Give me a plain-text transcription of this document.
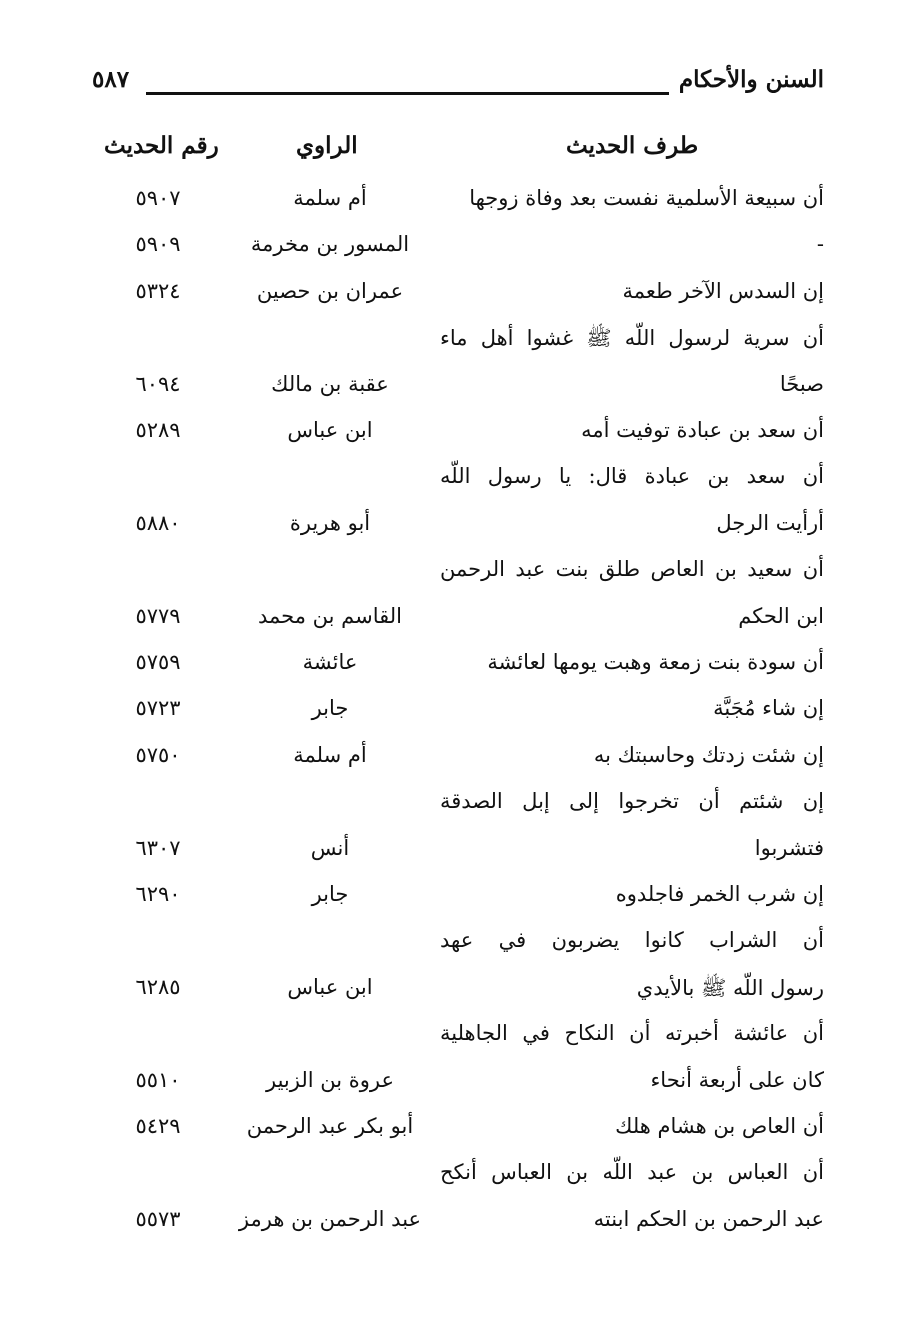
السنن والأحكام
٥٨٧
طرف الحديث
الراوي
رقم الحديث
أن سبيعة الأسلمية نفست بعد وفاة زوجها
أم سلمة
٥٩٠٧
-
المسور بن مخرمة
٥٩٠٩
إن السدس الآخر طعمة
عمران بن حصين
٥٣٢٤
أن سرية لرسول اللّه ﷺ غشوا أهل ماء
صبحًا
عقبة بن مالك
٦٠٩٤
أن سعد بن عبادة توفيت أمه
ابن عباس
٥٢٨٩
أن سعد بن عبادة قال: يا رسول اللّه
أرأيت الرجل
أبو هريرة
٥٨٨٠
أن سعيد بن العاص طلق بنت عبد الرحمن
ابن الحكم
القاسم بن محمد
٥٧٧٩
أن سودة بنت زمعة وهبت يومها لعائشة
عائشة
٥٧٥٩
إن شاء مُجَبَّة
جابر
٥٧٢٣
إن شئت زدتك وحاسبتك به
أم سلمة
٥٧٥٠
إن شئتم أن تخرجوا إلى إبل الصدقة
فتشربوا
أنس
٦٣٠٧
إن شرب الخمر فاجلدوه
جابر
٦٢٩٠
أن الشراب كانوا يضربون في عهد
رسول اللّه ﷺ بالأيدي
ابن عباس
٦٢٨٥
أن عائشة أخبرته أن النكاح في الجاهلية
كان على أربعة أنحاء
عروة بن الزبير
٥٥١٠
أن العاص بن هشام هلك
أبو بكر عبد الرحمن
٥٤٢٩
أن العباس بن عبد اللّه بن العباس أنكح
عبد الرحمن بن الحكم ابنته
عبد الرحمن بن هرمز
٥٥٧٣
